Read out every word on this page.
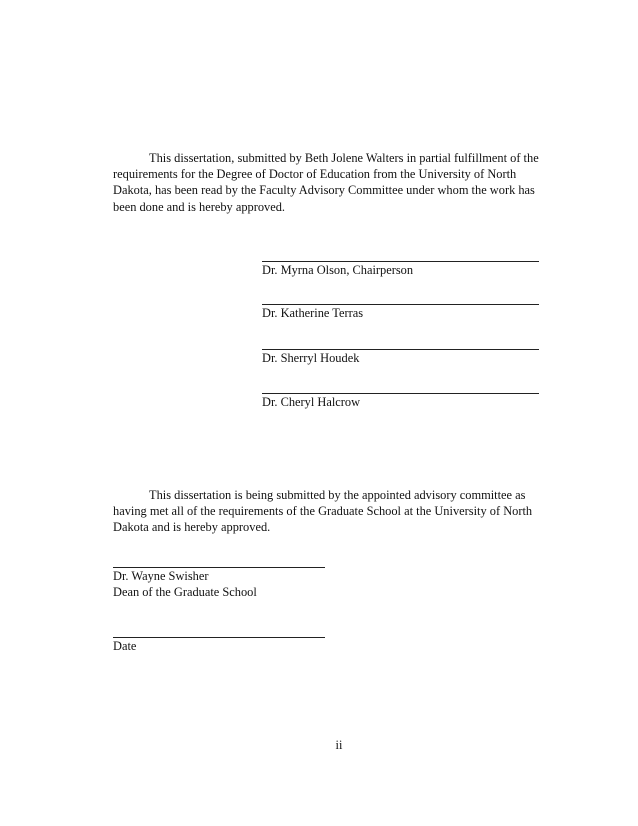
This dissertation, submitted by Beth Jolene Walters in partial fulfillment of the requirements for the Degree of Doctor of Education from the University of North Dakota, has been read by the Faculty Advisory Committee under whom the work has been done and is hereby approved.

Dr. Myrna Olson, Chairperson
Dr. Katherine Terras
Dr. Sherryl Houdek
Dr. Cheryl Halcrow

This dissertation is being submitted by the appointed advisory committee as having met all of the requirements of the Graduate School at the University of North Dakota and is hereby approved.

Dr. Wayne Swisher
Dean of the Graduate School
Date
ii
